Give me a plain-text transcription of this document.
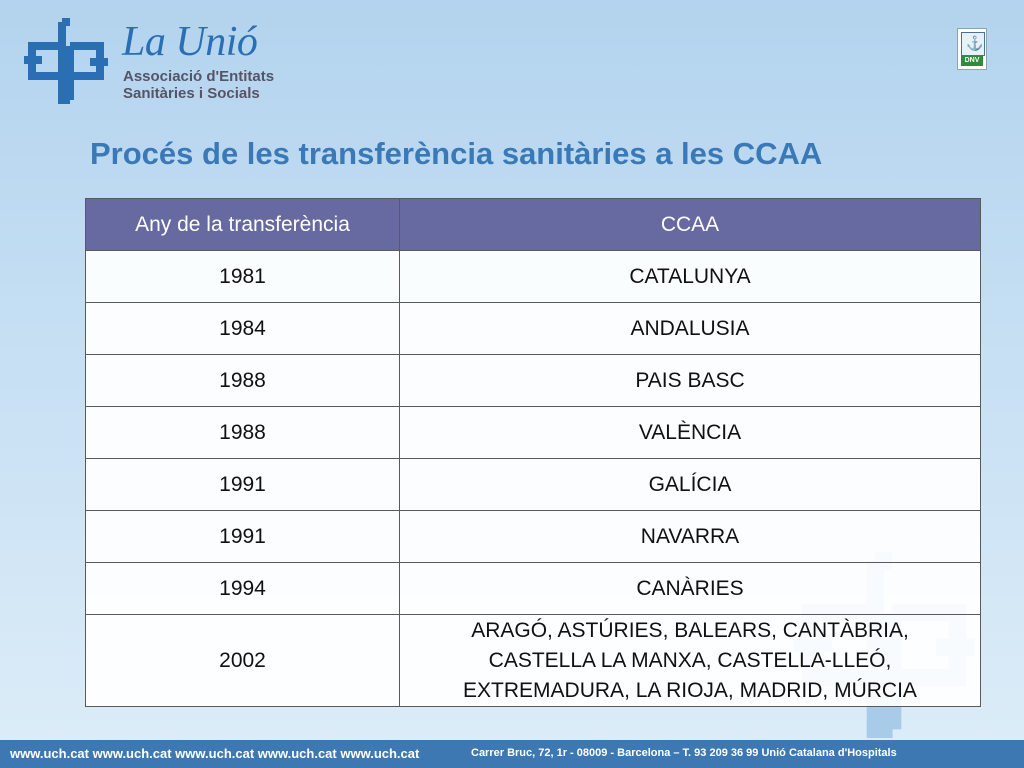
La Unió
Associació d'Entitats
Sanitàries i Socials
⚓
DNV
Procés de les transferència sanitàries a les CCAA
Any de la transferència	CCAA
1981	CATALUNYA
1984	ANDALUSIA
1988	PAIS BASC
1988	VALÈNCIA
1991	GALÍCIA
1991	NAVARRA
1994	CANÀRIES
2002	ARAGÓ, ASTÚRIES, BALEARS, CANTÀBRIA,
CASTELLA LA MANXA, CASTELLA-LLEÓ,
EXTREMADURA, LA RIOJA, MADRID, MÚRCIA
www.uch.cat www.uch.cat www.uch.cat www.uch.cat www.uch.cat	Carrer Bruc, 72, 1r - 08009 - Barcelona – T. 93 209 36 99 Unió Catalana d'Hospitals
